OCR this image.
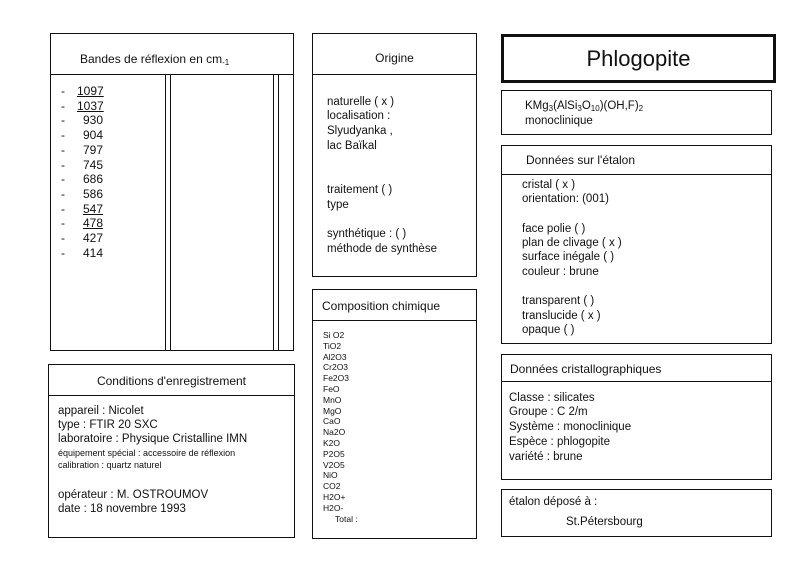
Bandes de réflexion en $cm_{-1}$
- 1097
- 1037
-	930
-	904
-	797
-	745
-	686
-	586
-	547
-	478
-	427
-	414
Origine
naturelle ( x )
localisation :
Slyudyanka ,
lac Baïkal
traitement ( )
type
synthétique : ( )
méthode de synthèse
Composition chimique
Si O2
TiO2
Al2O3
Cr2O3
Fe2O3
FeO
MnO
MgO
CaO
Na2O
K2O
P2O5
V2O5
NiO
CO2
H2O+
H2O-
Total :
Conditions d'enregistrement
appareil : Nicolet
type : FTIR 20 SXC
laboratoire : Physique Cristalline IMN
équipement spécial : accessoire de réflexion
calibration : quartz naturel
opérateur : M. OSTROUMOV
date : 18 novembre 1993
Phlogopite
$KMg_3(AlSi_3O_{10})(OH,F)_2$
monoclinique
Données sur l'étalon
cristal ( x )
orientation: (001)
face polie ( )
plan de clivage ( x )
surface inégale ( )
couleur : brune
transparent ( )
translucide ( x )
opaque ( )
Données cristallographiques
Classe : silicates
Groupe : C 2/m
Système : monoclinique
Espèce : phlogopite
variété : brune
étalon déposé à :
St.Pétersbourg
